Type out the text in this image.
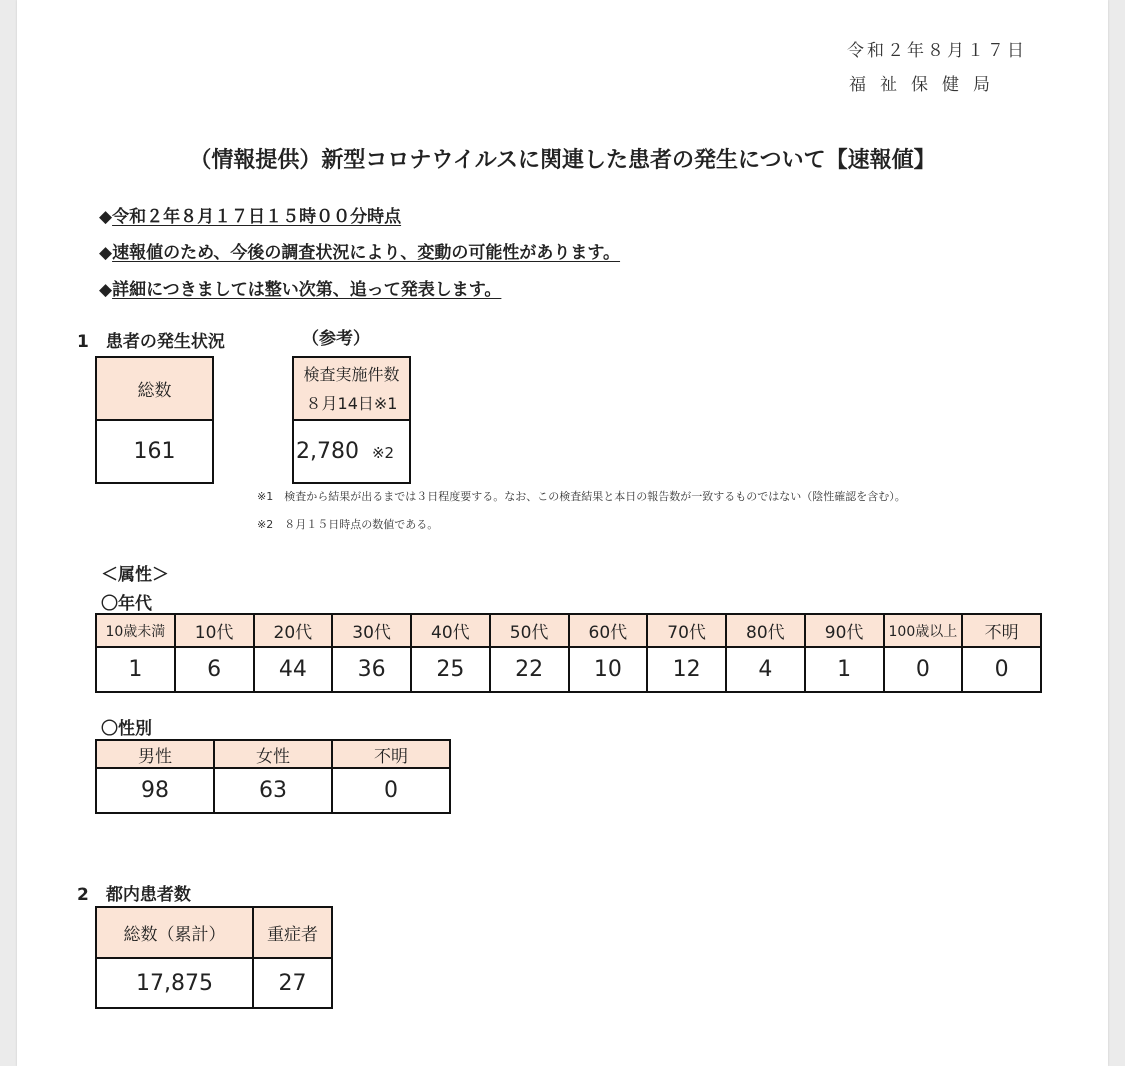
令和２年８月１７日
福祉保健局
（情報提供）新型コロナウイルスに関連した患者の発生について【速報値】
◆令和２年８月１７日１５時００分時点
◆速報値のため、今後の調査状況により、変動の可能性があります。
◆詳細につきましては整い次第、追って発表します。
1　患者の発生状況	（参考）
総数
161
検査実施件数
８月14日※1

2,780 ※2
※1　検査から結果が出るまでは３日程度要する。なお、この検査結果と本日の報告数が一致するものではない（陰性確認を含む）。
※2　８月１５日時点の数値である。
＜属性＞
〇年代
10歳未満	10代	20代	30代	40代	50代	60代	70代	80代	90代	100歳以上	不明
1	6	44	36	25	22	10	12	4	1	0	0
〇性別
男性	女性	不明
98	63	0
2　都内患者数
総数（累計）	重症者
17,875	27
